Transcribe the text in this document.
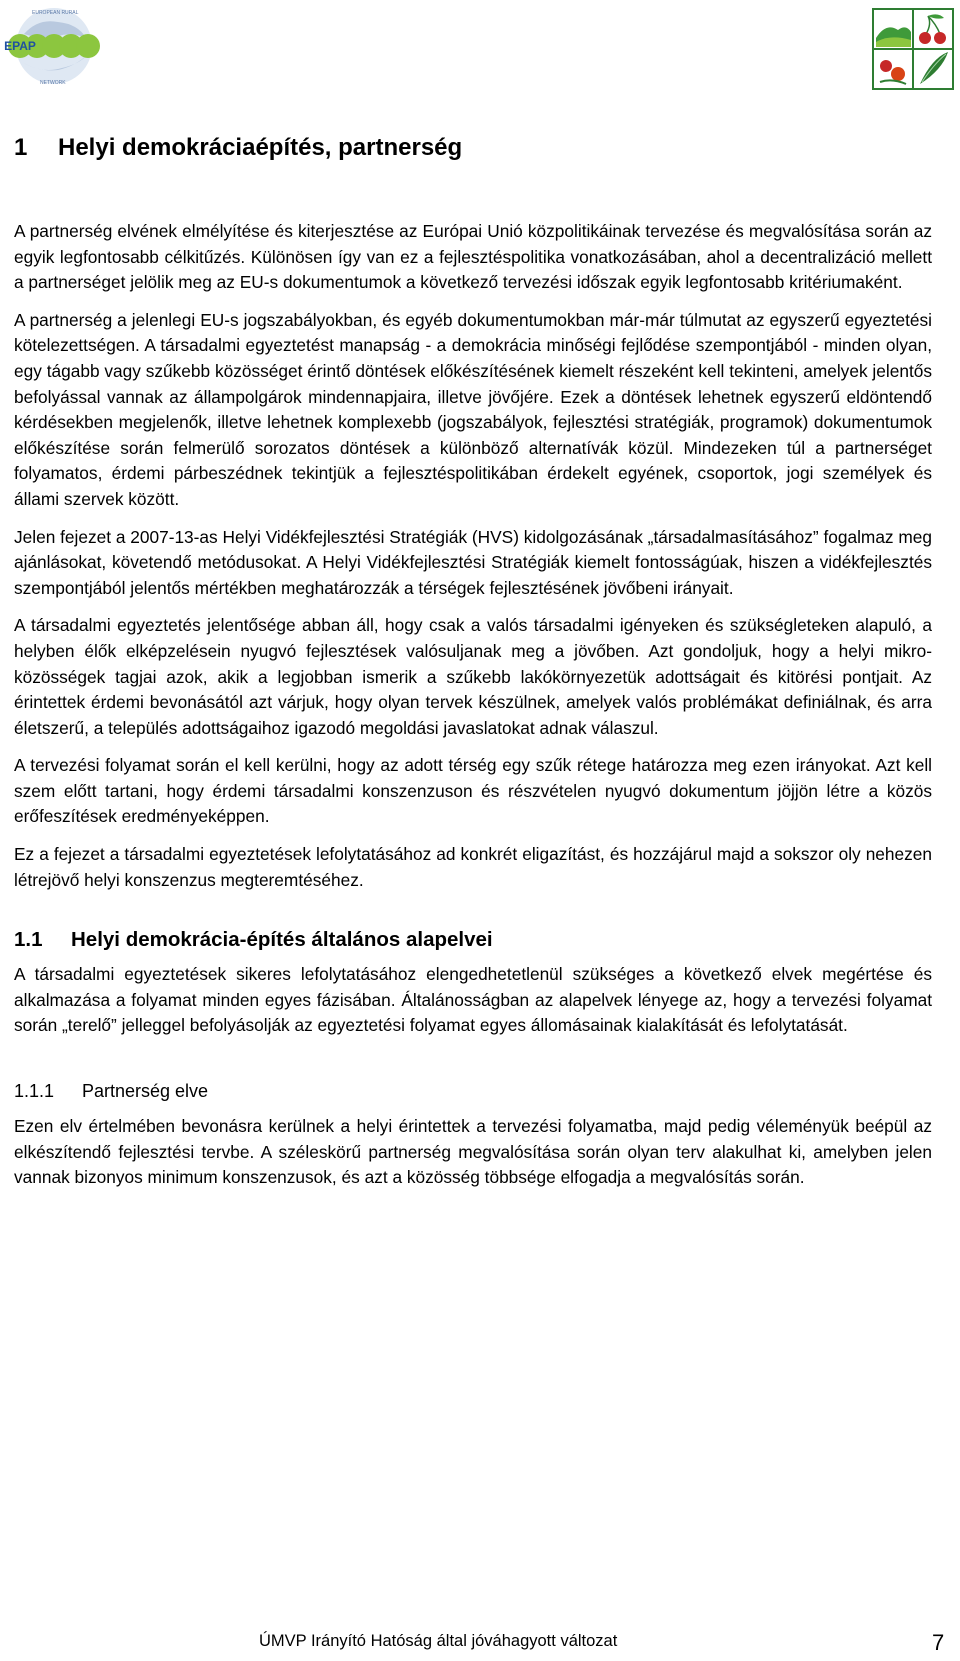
EUROPEAN RURAL
NETWORK
EPAP
1 Helyi demokráciaépítés, partnerség

A partnerség elvének elmélyítése és kiterjesztése az Európai Unió közpolitikáinak tervezése és megvalósítása során az egyik legfontosabb célkitűzés. Különösen így van ez a fejlesztéspolitika vonatkozásában, ahol a decentralizáció mellett a partnerséget jelölik meg az EU-s dokumentumok a következő tervezési időszak egyik legfontosabb kritériumaként.

A partnerség a jelenlegi EU-s jogszabályokban, és egyéb dokumentumokban már-már túlmutat az egyszerű egyeztetési kötelezettségen. A társadalmi egyeztetést manapság - a demokrácia minőségi fejlődése szempontjából - minden olyan, egy tágabb vagy szűkebb közösséget érintő döntések előkészítésének kiemelt részeként kell tekinteni, amelyek jelentős befolyással vannak az állampolgárok mindennapjaira, illetve jövőjére. Ezek a döntések lehetnek egyszerű eldöntendő kérdésekben megjelenők, illetve lehetnek komplexebb (jogszabályok, fejlesztési stratégiák, programok) dokumentumok előkészítése során felmerülő sorozatos döntések a különböző alternatívák közül. Mindezeken túl a partnerséget folyamatos, érdemi párbeszédnek tekintjük a fejlesztéspolitikában érdekelt egyének, csoportok, jogi személyek és állami szervek között.

Jelen fejezet a 2007-13-as Helyi Vidékfejlesztési Stratégiák (HVS) kidolgozásának „társadalmasításához” fogalmaz meg ajánlásokat, követendő metódusokat. A Helyi Vidékfejlesztési Stratégiák kiemelt fontosságúak, hiszen a vidékfejlesztés szempontjából jelentős mértékben meghatározzák a térségek fejlesztésének jövőbeni irányait.

A társadalmi egyeztetés jelentősége abban áll, hogy csak a valós társadalmi igényeken és szükségleteken alapuló, a helyben élők elképzelésein nyugvó fejlesztések valósuljanak meg a jövőben. Azt gondoljuk, hogy a helyi mikro-közösségek tagjai azok, akik a legjobban ismerik a szűkebb lakókörnyezetük adottságait és kitörési pontjait. Az érintettek érdemi bevonásától azt várjuk, hogy olyan tervek készülnek, amelyek valós problémákat definiálnak, és arra életszerű, a település adottságaihoz igazodó megoldási javaslatokat adnak válaszul.

A tervezési folyamat során el kell kerülni, hogy az adott térség egy szűk rétege határozza meg ezen irányokat. Azt kell szem előtt tartani, hogy érdemi társadalmi konszenzuson és részvételen nyugvó dokumentum jöjjön létre a közös erőfeszítések eredményeképpen.

Ez a fejezet a társadalmi egyeztetések lefolytatásához ad konkrét eligazítást, és hozzájárul majd a sokszor oly nehezen létrejövő helyi konszenzus megteremtéséhez.

1.1 Helyi demokrácia-építés általános alapelvei

A társadalmi egyeztetések sikeres lefolytatásához elengedhetetlenül szükséges a következő elvek megértése és alkalmazása a folyamat minden egyes fázisában. Általánosságban az alapelvek lényege az, hogy a tervezési folyamat során „terelő” jelleggel befolyásolják az egyeztetési folyamat egyes állomásainak kialakítását és lefolytatását.

1.1.1 Partnerség elve

Ezen elv értelmében bevonásra kerülnek a helyi érintettek a tervezési folyamatba, majd pedig véleményük beépül az elkészítendő fejlesztési tervbe. A széleskörű partnerség megvalósítása során olyan terv alakulhat ki, amelyben jelen vannak bizonyos minimum konszenzusok, és azt a közösség többsége elfogadja a megvalósítás során.

ÚMVP Irányító Hatóság által jóváhagyott változat	7
